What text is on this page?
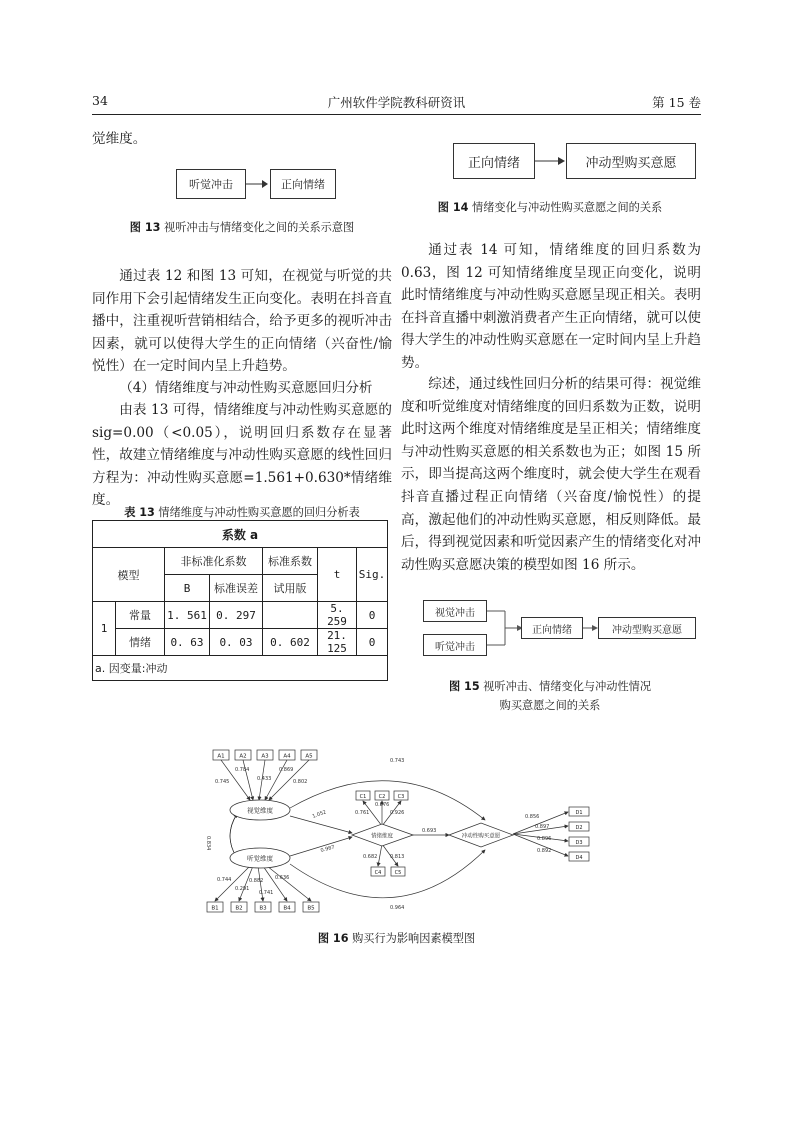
34	广州软件学院教科研资讯	第 15 卷
觉维度。
听觉冲击	正向情绪
图 13 视听冲击与情绪变化之间的关系示意图
通过表 12 和图 13 可知，在视觉与听觉的共同作用下会引起情绪发生正向变化。表明在抖音直播中，注重视听营销相结合，给予更多的视听冲击因素，就可以使得大学生的正向情绪（兴奋性/愉悦性）在一定时间内呈上升趋势。
（4）情绪维度与冲动性购买意愿回归分析
由表 13 可得，情绪维度与冲动性购买意愿的 sig=0.00（<0.05），说明回归系数存在显著性，故建立情绪维度与冲动性购买意愿的线性回归方程为：冲动性购买意愿=1.561+0.630*情绪维度。
表 13 情绪维度与冲动性购买意愿的回归分析表
系数 a						
模型		非标准化系数		标准系数	t	Sig.
		B	标准误差	试用版		
1	常量	1. 561	0. 297		5. 259	0
	情绪	0. 63	0. 03	0. 602	21. 125	0
a. 因变量:冲动						
正向情绪	冲动型购买意愿
图 14 情绪变化与冲动性购买意愿之间的关系
通过表 14 可知，情绪维度的回归系数为 0.63，图 12 可知情绪维度呈现正向变化，说明此时情绪维度与冲动性购买意愿呈现正相关。表明在抖音直播中刺激消费者产生正向情绪，就可以使得大学生的冲动性购买意愿在一定时间内呈上升趋势。
综述，通过线性回归分析的结果可得：视觉维度和听觉维度对情绪维度的回归系数为正数，说明此时这两个维度对情绪维度是呈正相关；情绪维度与冲动性购买意愿的相关系数也为正；如图 15 所示，即当提高这两个维度时，就会使大学生在观看抖音直播过程正向情绪（兴奋度/愉悦性）的提高，激起他们的冲动性购买意愿，相反则降低。最后，得到视觉因素和听觉因素产生的情绪变化对冲动性购买意愿决策的模型如图 16 所示。
视觉冲击
听觉冲击
正向情绪	冲动型购买意愿
图 15 视听冲击、情绪变化与冲动性情况
购买意愿之间的关系
A1	A2	A3	A4	A5
B1	B2	B3	B4	B5
C1 C2 C3
C4	C5
D1
D2
D3
D4
视觉维度
听觉维度
情绪维度	冲动性购买意愿
0.745
0.784
0.433
0.869
0.802
0.744
0.291
0.882
0.741
0.636
0.761
0.876
0.926
0.682	0.813
0.856
0.897
0.896
0.892
0.834
1.052
0.987
0.693
0.743
0.964
图 16 购买行为影响因素模型图
